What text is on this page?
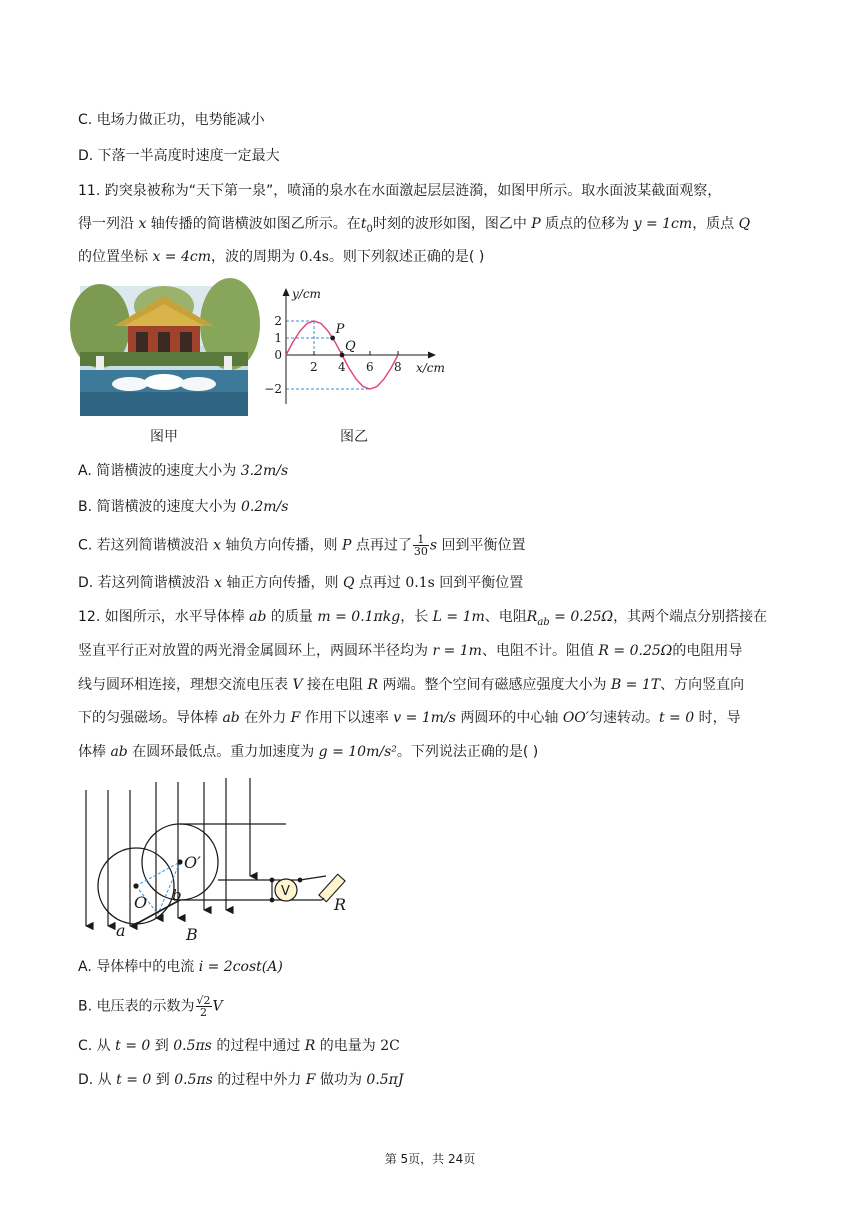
C. 电场力做正功，电势能减小
D. 下落一半高度时速度一定最大
11. 趵突泉被称为“天下第一泉”，喷涌的泉水在水面激起层层涟漪，如图甲所示。取水面波某截面观察，
得一列沿 x 轴传播的简谐横波如图乙所示。在$t_0$时刻的波形如图，图乙中 P 质点的位移为 y = 1cm，质点 Q
的位置坐标 x = 4cm，波的周期为 0.4s。则下列叙述正确的是( )
图甲
2 4 6 8
2
1
0
−2
P
Q
y/cm
x/cm
图乙
A. 简谐横波的速度大小为 3.2m/s
B. 简谐横波的速度大小为 0.2m/s
C. 若这列简谐横波沿 x 轴负方向传播，则 P 点再过了 $\frac{1}{30}$ s 回到平衡位置
D. 若这列简谐横波沿 x 轴正方向传播，则 Q 点再过 0.1s 回到平衡位置
12. 如图所示，水平导体棒 ab 的质量 m = 0.1πkg，长 L = 1m、电阻$R_{ab} = 0.25\Omega$，其两个端点分别搭接在
竖直平行正对放置的两光滑金属圆环上，两圆环半径均为 r = 1m、电阻不计。阻值 R = 0.25Ω的电阻用导
线与圆环相连接，理想交流电压表 V 接在电阻 R 两端。整个空间有磁感应强度大小为 B = 1T、方向竖直向
下的匀强磁场。导体棒 ab 在外力 F 作用下以速率 v = 1m/s 两圆环的中心轴 OO′匀速转动。t = 0 时，导
体棒 ab 在圆环最低点。重力加速度为 g = 10m/s²。下列说法正确的是( )
O′
O
a
b
B
V
R
A. 导体棒中的电流 i = 2cost(A)
B. 电压表的示数为 $\frac{√2}{2}$ V
C. 从 t = 0 到 0.5πs 的过程中通过 R 的电量为 2C
D. 从 t = 0 到 0.5πs 的过程中外力 F 做功为 0.5πJ
第 5页，共 24页
